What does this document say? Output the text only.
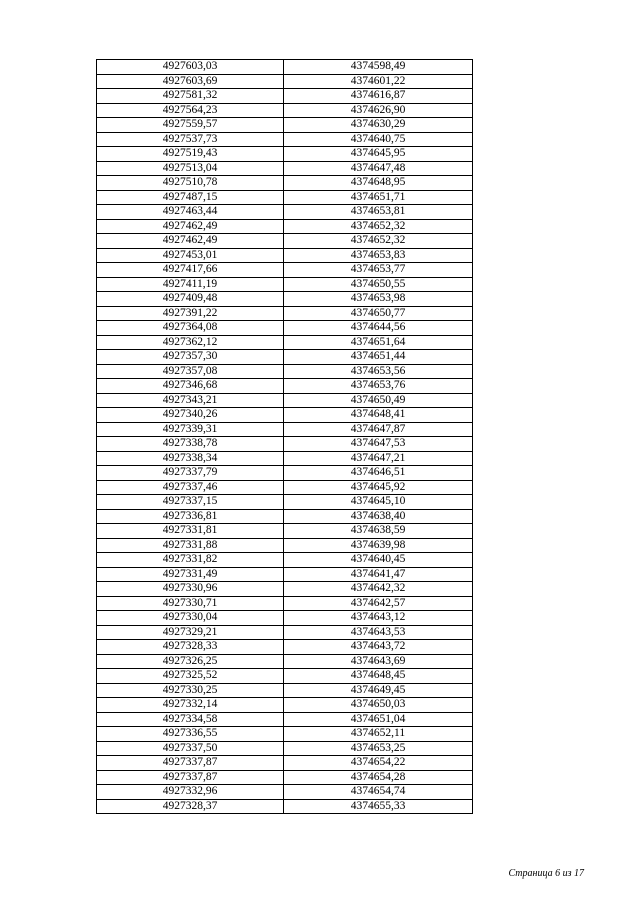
4927603,03	4374598,49
4927603,69	4374601,22
4927581,32	4374616,87
4927564,23	4374626,90
4927559,57	4374630,29
4927537,73	4374640,75
4927519,43	4374645,95
4927513,04	4374647,48
4927510,78	4374648,95
4927487,15	4374651,71
4927463,44	4374653,81
4927462,49	4374652,32
4927462,49	4374652,32
4927453,01	4374653,83
4927417,66	4374653,77
4927411,19	4374650,55
4927409,48	4374653,98
4927391,22	4374650,77
4927364,08	4374644,56
4927362,12	4374651,64
4927357,30	4374651,44
4927357,08	4374653,56
4927346,68	4374653,76
4927343,21	4374650,49
4927340,26	4374648,41
4927339,31	4374647,87
4927338,78	4374647,53
4927338,34	4374647,21
4927337,79	4374646,51
4927337,46	4374645,92
4927337,15	4374645,10
4927336,81	4374638,40
4927331,81	4374638,59
4927331,88	4374639,98
4927331,82	4374640,45
4927331,49	4374641,47
4927330,96	4374642,32
4927330,71	4374642,57
4927330,04	4374643,12
4927329,21	4374643,53
4927328,33	4374643,72
4927326,25	4374643,69
4927325,52	4374648,45
4927330,25	4374649,45
4927332,14	4374650,03
4927334,58	4374651,04
4927336,55	4374652,11
4927337,50	4374653,25
4927337,87	4374654,22
4927337,87	4374654,28
4927332,96	4374654,74
4927328,37	4374655,33
Страница 6 из 17
